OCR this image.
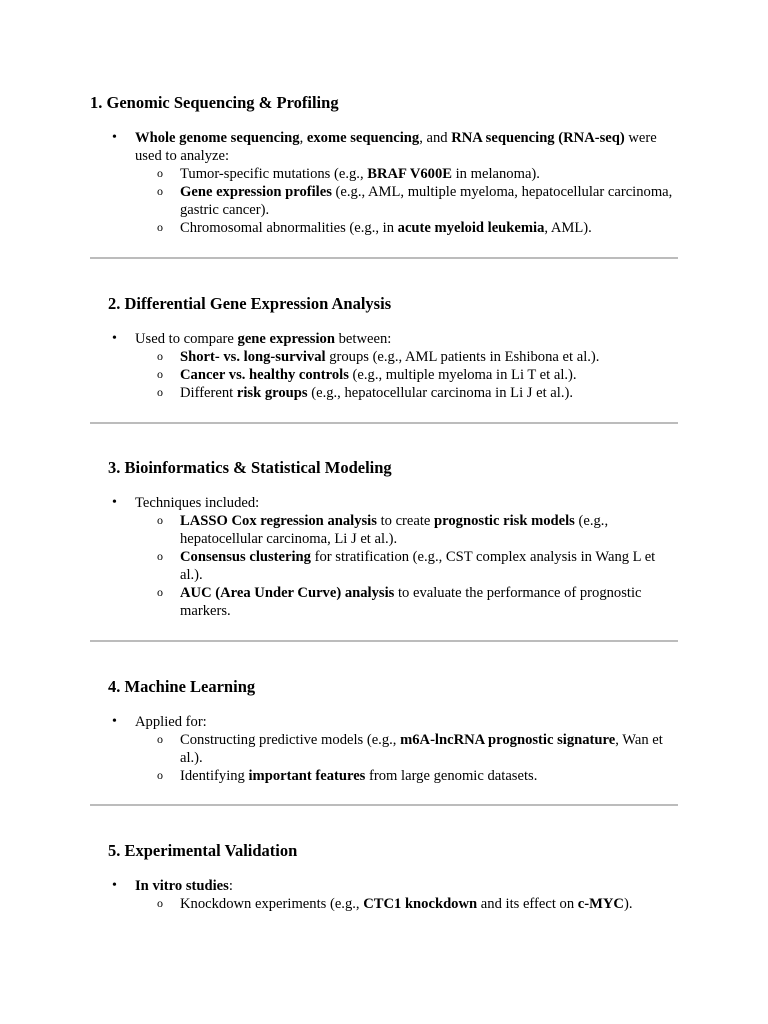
1. Genomic Sequencing & Profiling
• Whole genome sequencing, exome sequencing, and RNA sequencing (RNA-seq) were used to analyze:
o Tumor-specific mutations (e.g., BRAF V600E in melanoma).
o Gene expression profiles (e.g., AML, multiple myeloma, hepatocellular carcinoma, gastric cancer).
o Chromosomal abnormalities (e.g., in acute myeloid leukemia, AML).
2. Differential Gene Expression Analysis
• Used to compare gene expression between:
o Short- vs. long-survival groups (e.g., AML patients in Eshibona et al.).
o Cancer vs. healthy controls (e.g., multiple myeloma in Li T et al.).
o Different risk groups (e.g., hepatocellular carcinoma in Li J et al.).
3. Bioinformatics & Statistical Modeling
• Techniques included:
o LASSO Cox regression analysis to create prognostic risk models (e.g., hepatocellular carcinoma, Li J et al.).
o Consensus clustering for stratification (e.g., CST complex analysis in Wang L et al.).
o AUC (Area Under Curve) analysis to evaluate the performance of prognostic markers.
4. Machine Learning
• Applied for:
o Constructing predictive models (e.g., m6A-lncRNA prognostic signature, Wan et al.).
o Identifying important features from large genomic datasets.
5. Experimental Validation
• In vitro studies:
o Knockdown experiments (e.g., CTC1 knockdown and its effect on c-MYC).
